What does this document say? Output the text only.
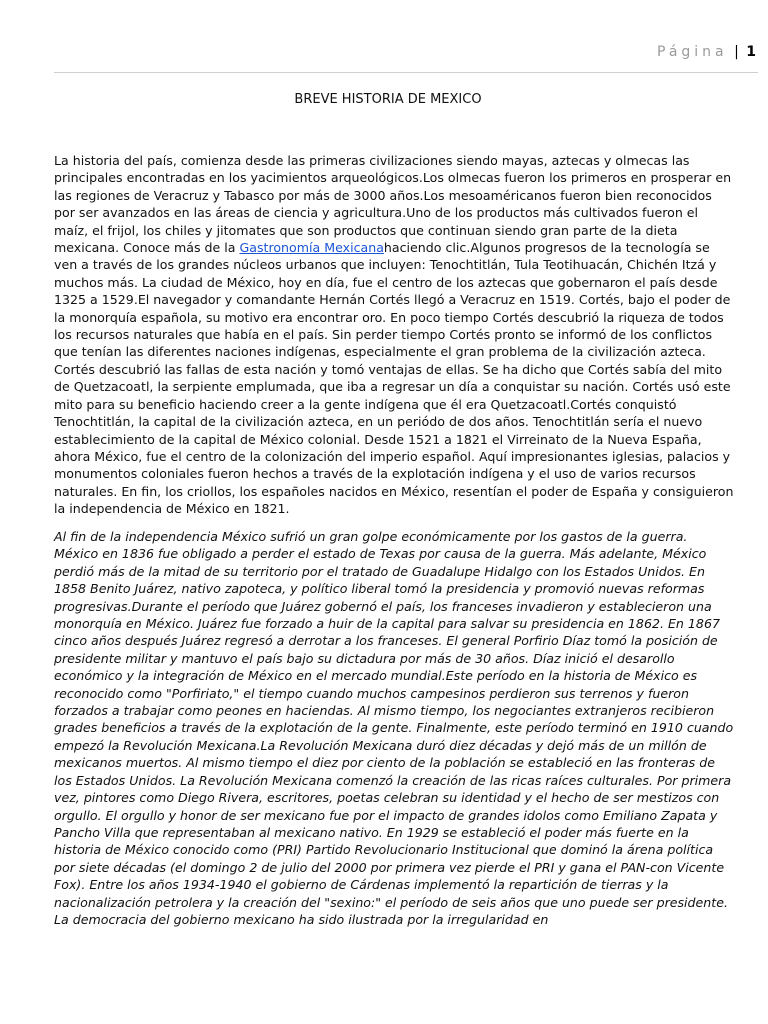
Página | 1
BREVE HISTORIA DE MEXICO

La historia del país, comienza desde las primeras civilizaciones siendo mayas, aztecas y olmecas las principales encontradas en los yacimientos arqueológicos.Los olmecas fueron los primeros en prosperar en las regiones de Veracruz y Tabasco por más de 3000 años.Los mesoaméricanos fueron bien reconocidos por ser avanzados en las áreas de ciencia y agricultura.Uno de los productos más cultivados fueron el maíz, el frijol, los chiles y jitomates que son productos que continuan siendo gran parte de la dieta mexicana. Conoce más de la Gastronomía Mexicanahaciendo clic.Algunos progresos de la tecnología se ven a través de los grandes núcleos urbanos que incluyen: Tenochtitlán, Tula Teotihuacán, Chichén Itzá y muchos más. La ciudad de México, hoy en día, fue el centro de los aztecas que gobernaron el país desde 1325 a 1529.El navegador y comandante Hernán Cortés llegó a Veracruz en 1519. Cortés, bajo el poder de la monorquía española, su motivo era encontrar oro. En poco tiempo Cortés descubrió la riqueza de todos los recursos naturales que había en el país. Sin perder tiempo Cortés pronto se informó de los conflictos que tenían las diferentes naciones indígenas, especialmente el gran problema de la civilización azteca. Cortés descubrió las fallas de esta nación y tomó ventajas de ellas. Se ha dicho que Cortés sabía del mito de Quetzacoatl, la serpiente emplumada, que iba a regresar un día a conquistar su nación. Cortés usó este mito para su beneficio haciendo creer a la gente indígena que él era Quetzacoatl.Cortés conquistó Tenochtitlán, la capital de la civilización azteca, en un periódo de dos años. Tenochtitlán sería el nuevo establecimiento de la capital de México colonial. Desde 1521 a 1821 el Virreinato de la Nueva España, ahora México, fue el centro de la colonización del imperio español. Aquí impresionantes iglesias, palacios y monumentos coloniales fueron hechos a través de la explotación indígena y el uso de varios recursos naturales. En fin, los criollos, los españoles nacidos en México, resentían el poder de España y consiguieron la independencia de México en 1821.

Al fin de la independencia México sufrió un gran golpe económicamente por los gastos de la guerra. México en 1836 fue obligado a perder el estado de Texas por causa de la guerra. Más adelante, México perdió más de la mitad de su territorio por el tratado de Guadalupe Hidalgo con los Estados Unidos. En 1858 Benito Juárez, nativo zapoteca, y político liberal tomó la presidencia y promovió nuevas reformas progresivas.Durante el período que Juárez gobernó el país, los franceses invadieron y establecieron una monorquía en México. Juárez fue forzado a huir de la capital para salvar su presidencia en 1862. En 1867 cinco años después Juárez regresó a derrotar a los franceses. El general Porfirio Díaz tomó la posición de presidente militar y mantuvo el país bajo su dictadura por más de 30 años. Díaz inició el desarollo económico y la integración de México en el mercado mundial.Este período en la historia de México es reconocido como "Porfiriato," el tiempo cuando muchos campesinos perdieron sus terrenos y fueron forzados a trabajar como peones en haciendas. Al mismo tiempo, los negociantes extranjeros recibieron grades beneficios a través de la explotación de la gente. Finalmente, este período terminó en 1910 cuando empezó la Revolución Mexicana.La Revolución Mexicana duró diez décadas y dejó más de un millón de mexicanos muertos. Al mismo tiempo el diez por ciento de la población se estableció en las fronteras de los Estados Unidos. La Revolución Mexicana comenzó la creación de las ricas raíces culturales. Por primera vez, pintores como Diego Rivera, escritores, poetas celebran su identidad y el hecho de ser mestizos con orgullo. El orgullo y honor de ser mexicano fue por el impacto de grandes idolos como Emiliano Zapata y Pancho Villa que representaban al mexicano nativo. En 1929 se estableció el poder más fuerte en la historia de México conocido como (PRI) Partido Revolucionario Institucional que dominó la árena política por siete décadas (el domingo 2 de julio del 2000 por primera vez pierde el PRI y gana el PAN-con Vicente Fox). Entre los años 1934-1940 el gobierno de Cárdenas implementó la repartición de tierras y la nacionalización petrolera y la creación del "sexino:" el período de seis años que uno puede ser presidente. La democracia del gobierno mexicano ha sido ilustrada por la irregularidad en
